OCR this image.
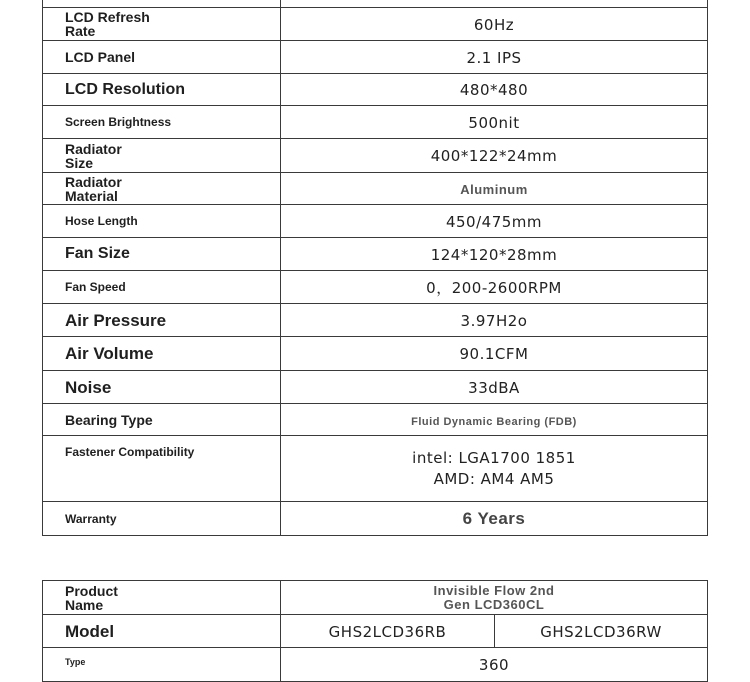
LCD Refresh
Rate	60Hz

LCD Panel	2.1 IPS

LCD Resolution	480*480

Screen Brightness	500nit

Radiator
Size	400*122*24mm

Radiator
Material	Aluminum

Hose Length	450/475mm

Fan Size	124*120*28mm

Fan Speed	0，200-2600RPM

Air Pressure	3.97H2o

Air Volume	90.1CFM

Noise	33dBA

Bearing Type	Fluid Dynamic Bearing (FDB)

Fastener Compatibility	intel: LGA1700 1851
AMD: AM4 AM5

Warranty	6 Years
Product
Name	Invisible Flow 2nd
Gen LCD360CL	

Model	GHS2LCD36RB	GHS2LCD36RW

Type	360	
